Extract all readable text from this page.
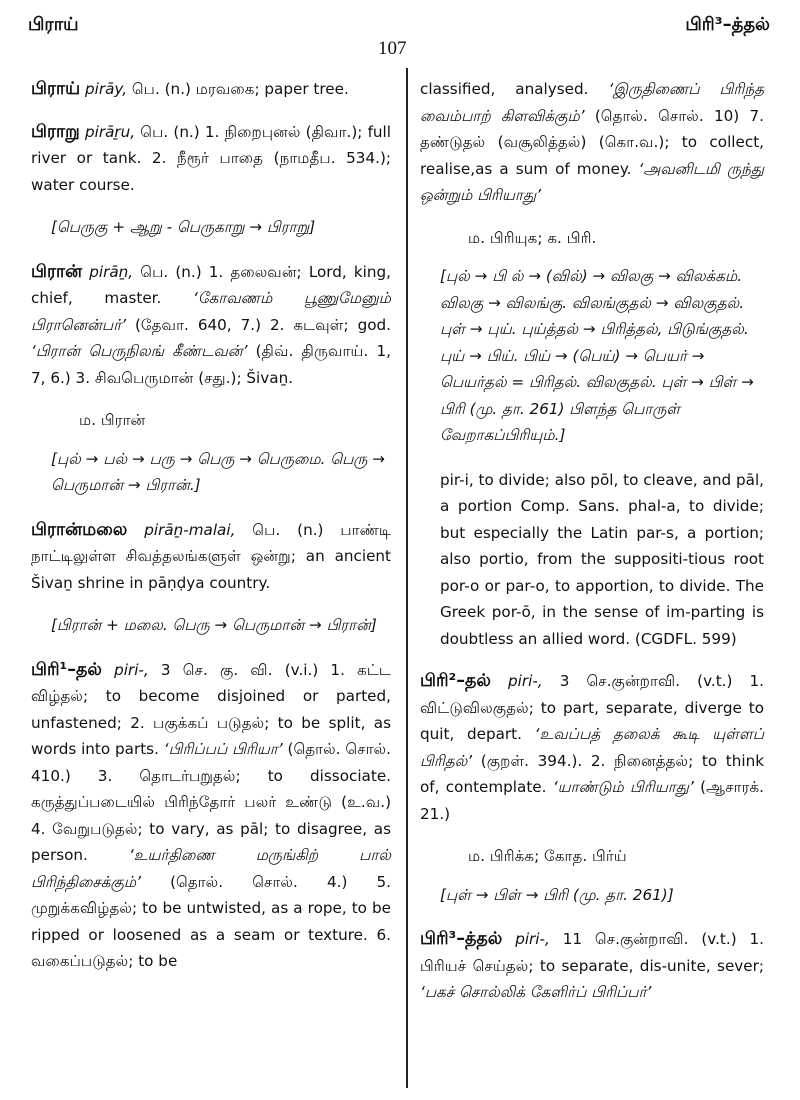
பிராய்
107
பிரி³–த்தல்
பிராய் pirāy, பெ. (n.) மரவகை; paper tree.
பிராறு pirāṟu, பெ. (n.) 1. நிறைபுனல் (திவா.); full river or tank. 2. நீரூர் பாதை (நாமதீப. 534.); water course.
[பெருகு + ஆறு - பெருகாறு → பிராறு]
பிரான் pirāṉ, பெ. (n.) 1. தலைவன்; Lord, king, chief, master. ‘கோவணம் பூணுமேனும் பிரானென்பர்’ (தேவா. 640, 7.) 2. கடவுள்; god. ‘பிரான் பெருநிலங் கீண்டவன்’ (திவ். திருவாய். 1, 7, 6.) 3. சிவபெருமான் (சது.); Šivaṉ.
ம. பிரான்
[புல் → பல் → பரு → பெரு → பெருமை. பெரு → பெருமான் → பிரான்.]
பிரான்மலை pirāṉ-malai, பெ. (n.) பாண்டி நாட்டிலுள்ள சிவத்தலங்களுள் ஒன்று; an ancient Šivaṉ shrine in pāṇḍya country.
[பிரான் + மலை. பெரு → பெருமான் → பிரான்]
பிரி¹–தல் piri-, 3 செ. கு. வி. (v.i.) 1. கட்ட விழ்தல்; to become disjoined or parted, unfastened; 2. பகுக்கப் படுதல்; to be split, as words into parts. ‘பிரிப்பப் பிரியா’ (தொல். சொல். 410.) 3. தொடர்பறுதல்; to dissociate. கருத்துப்படையில் பிரிந்தோர் பலர் உண்டு (உ.வ.) 4. வேறுபடுதல்; to vary, as pāl; to disagree, as person. ‘உயர்திணை மருங்கிற் பால் பிரிந்திசைக்கும்’ (தொல். சொல். 4.) 5. முறுக்கவிழ்தல்; to be untwisted, as a rope, to be ripped or loosened as a seam or texture. 6. வகைப்படுதல்; to be
classified, analysed. ‘இருதிணைப் பிரிந்த வைம்பாற் கிளவிக்கும்’ (தொல். சொல். 10) 7. தண்டுதல் (வசூலித்தல்) (கொ.வ.); to collect, realise,as a sum of money. ‘அவனிடமி ருந்து ஒன்றும் பிரியாது’
ம. பிரியுக; க. பிரி.
[புல் → பி ல் → (வில்) → விலகு → விலக்கம். விலகு → விலங்கு. விலங்குதல் → விலகுதல். புள் → புய். புய்த்தல் → பிரித்தல், பிடுங்குதல். புய் → பிய். பிய் → (பெய்) → பெயர் → பெயர்தல் = பிரிதல். விலகுதல். புள் → பிள் → பிரி (மு. தா. 261) பிளந்த பொருள் வேறாகப்பிரியும்.]
pir-i, to divide; also pōl, to cleave, and pāl, a portion Comp. Sans. phal-a, to divide; but especially the Latin par-s, a portion; also portio, from the suppositi-tious root por-o or par-o, to apportion, to divide. The Greek por-ō, in the sense of im-parting is doubtless an allied word. (CGDFL. 599)
பிரி²–தல் piri-, 3 செ.குன்றாவி. (v.t.) 1. விட்டுவிலகுதல்; to part, separate, diverge to quit, depart. ‘உவப்பத் தலைக் கூடி யுள்ளப் பிரிதல்’ (குறள். 394.). 2. நினைத்தல்; to think of, contemplate. ‘யாண்டும் பிரியாது’ (ஆசாரக். 21.)
ம. பிரிக்க; கோத. பிர்ய்
[புள் → பிள் → பிரி (மு. தா. 261)]
பிரி³–த்தல் piri-, 11 செ.குன்றாவி. (v.t.) 1. பிரியச் செய்தல்; to separate, dis-unite, sever; ‘பகச் சொல்லிக் கேளிர்ப் பிரிப்பர்’
